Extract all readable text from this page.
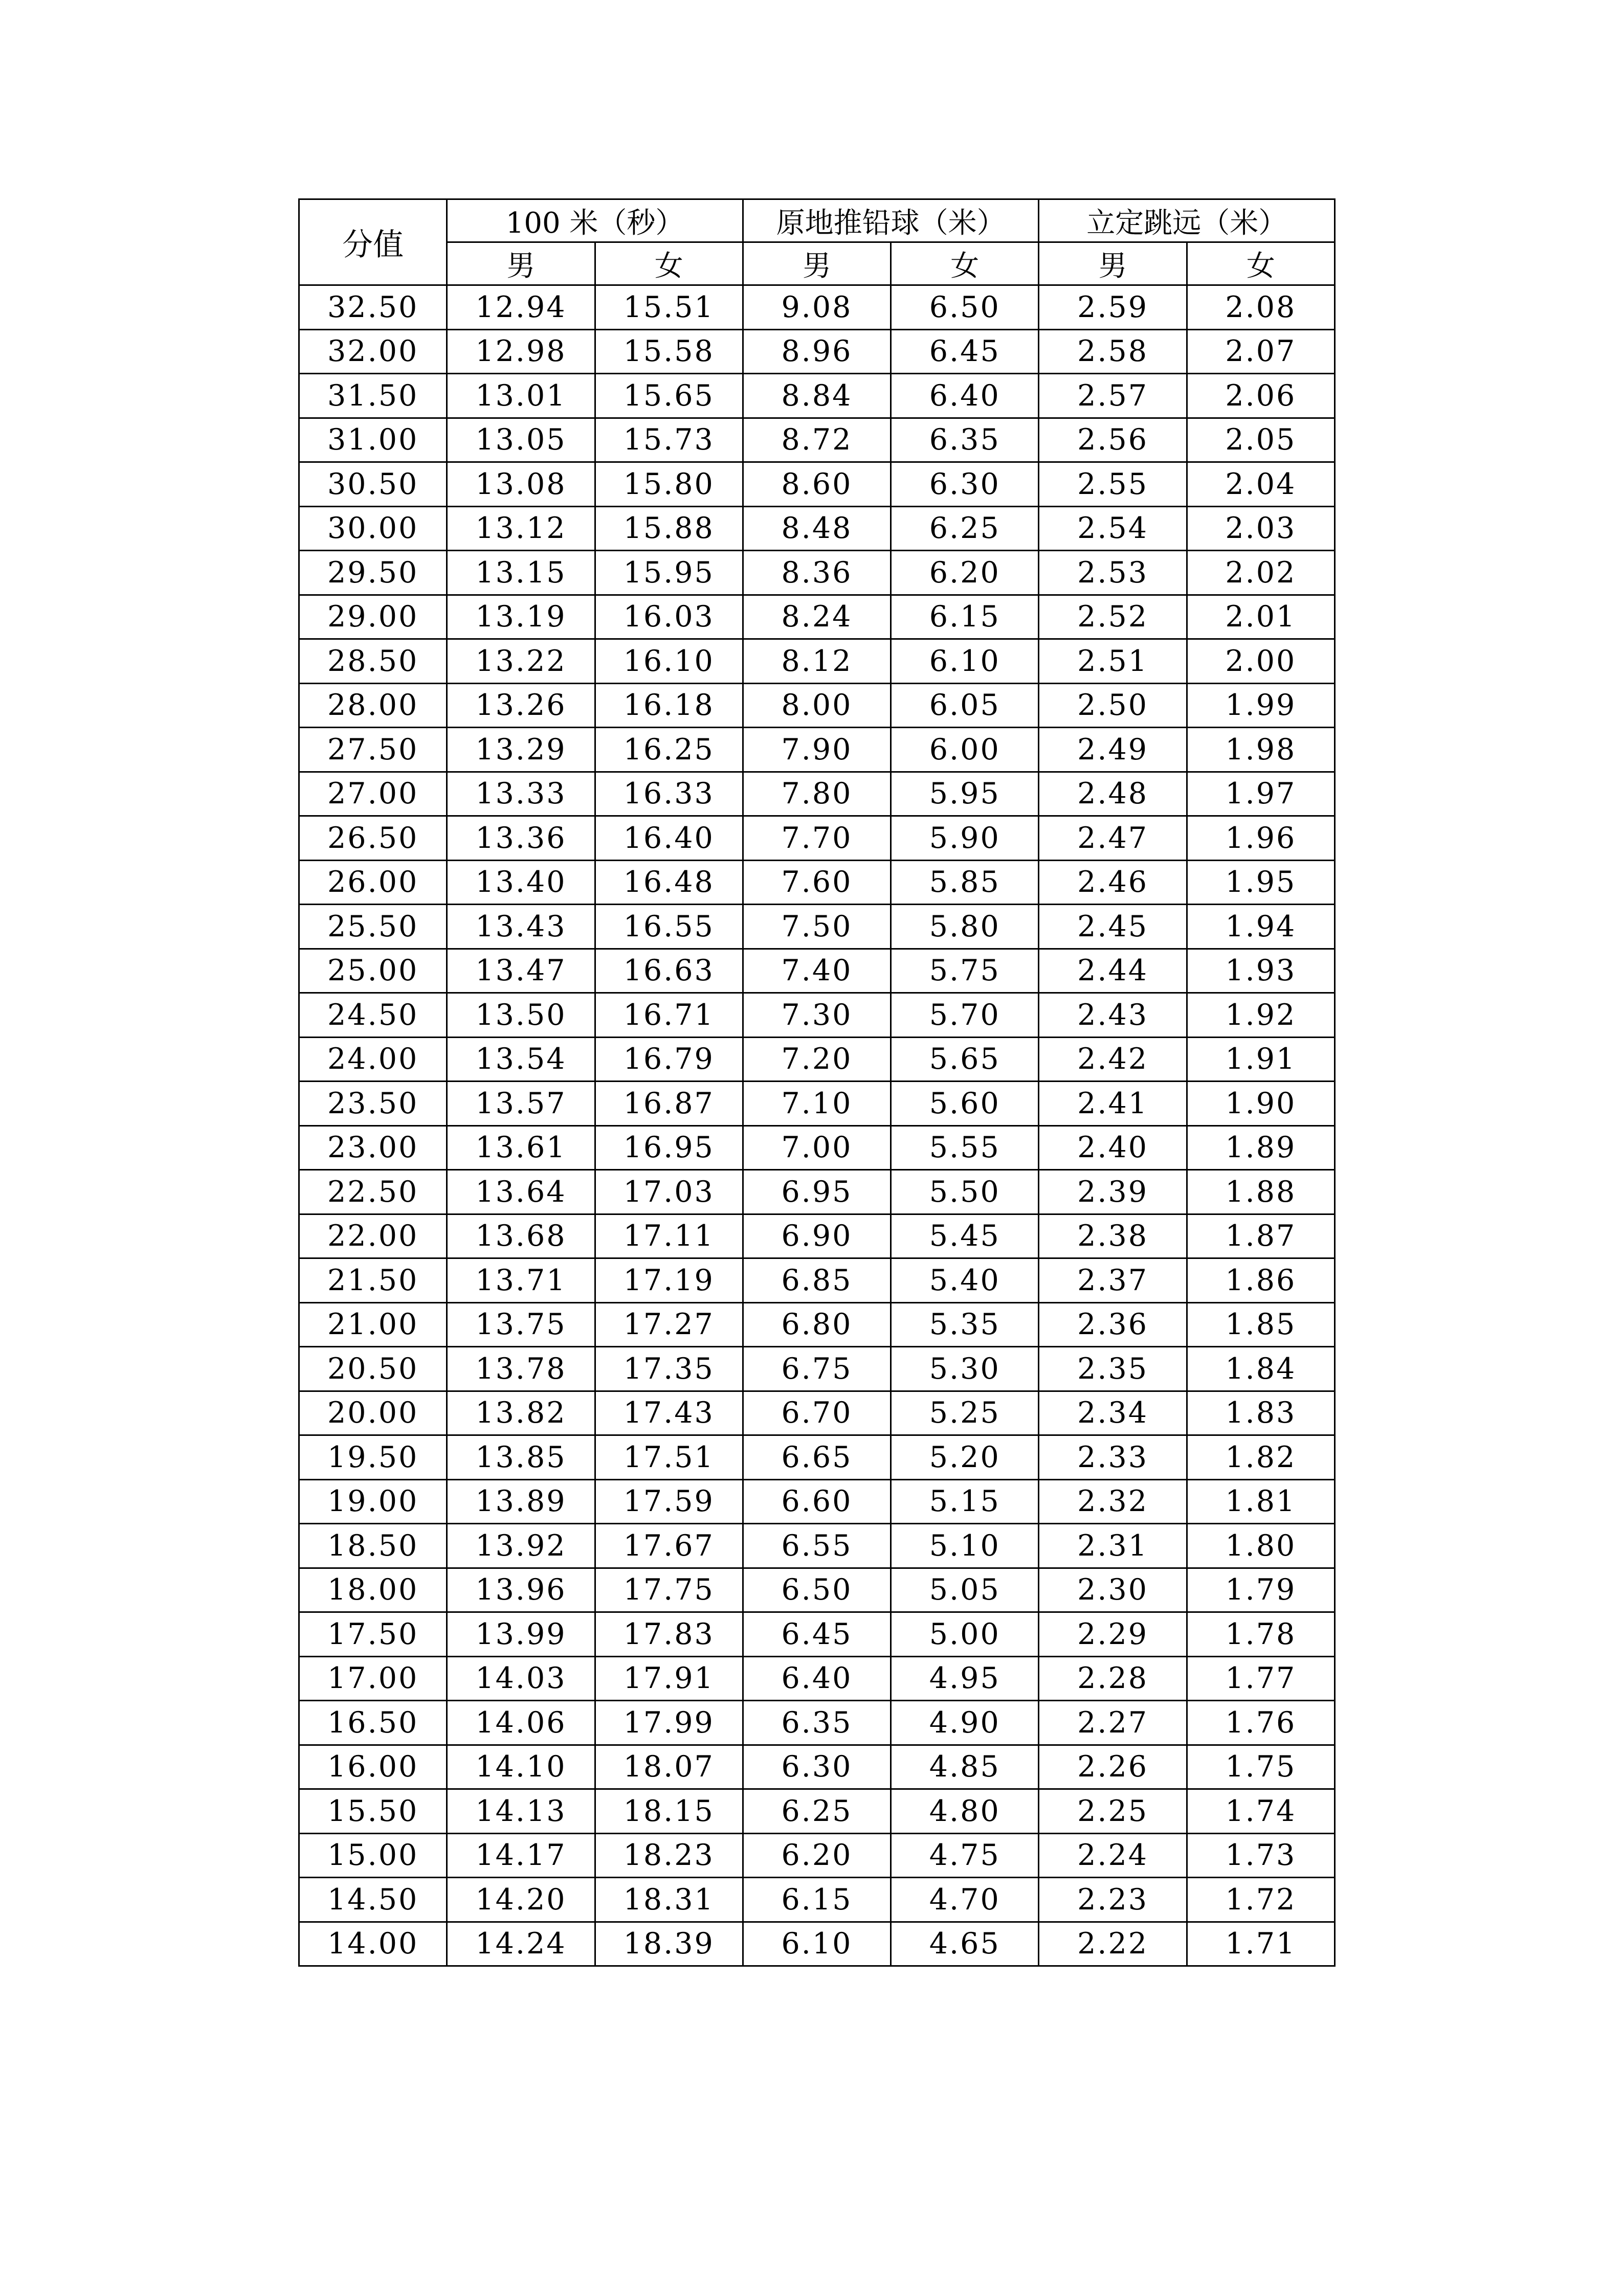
分值	100 米（秒）		原地推铅球（米）		立定跳远（米）	
	男	女	男	女	男	女
32.50	12.94	15.51	9.08	6.50	2.59	2.08
32.00	12.98	15.58	8.96	6.45	2.58	2.07
31.50	13.01	15.65	8.84	6.40	2.57	2.06
31.00	13.05	15.73	8.72	6.35	2.56	2.05
30.50	13.08	15.80	8.60	6.30	2.55	2.04
30.00	13.12	15.88	8.48	6.25	2.54	2.03
29.50	13.15	15.95	8.36	6.20	2.53	2.02
29.00	13.19	16.03	8.24	6.15	2.52	2.01
28.50	13.22	16.10	8.12	6.10	2.51	2.00
28.00	13.26	16.18	8.00	6.05	2.50	1.99
27.50	13.29	16.25	7.90	6.00	2.49	1.98
27.00	13.33	16.33	7.80	5.95	2.48	1.97
26.50	13.36	16.40	7.70	5.90	2.47	1.96
26.00	13.40	16.48	7.60	5.85	2.46	1.95
25.50	13.43	16.55	7.50	5.80	2.45	1.94
25.00	13.47	16.63	7.40	5.75	2.44	1.93
24.50	13.50	16.71	7.30	5.70	2.43	1.92
24.00	13.54	16.79	7.20	5.65	2.42	1.91
23.50	13.57	16.87	7.10	5.60	2.41	1.90
23.00	13.61	16.95	7.00	5.55	2.40	1.89
22.50	13.64	17.03	6.95	5.50	2.39	1.88
22.00	13.68	17.11	6.90	5.45	2.38	1.87
21.50	13.71	17.19	6.85	5.40	2.37	1.86
21.00	13.75	17.27	6.80	5.35	2.36	1.85
20.50	13.78	17.35	6.75	5.30	2.35	1.84
20.00	13.82	17.43	6.70	5.25	2.34	1.83
19.50	13.85	17.51	6.65	5.20	2.33	1.82
19.00	13.89	17.59	6.60	5.15	2.32	1.81
18.50	13.92	17.67	6.55	5.10	2.31	1.80
18.00	13.96	17.75	6.50	5.05	2.30	1.79
17.50	13.99	17.83	6.45	5.00	2.29	1.78
17.00	14.03	17.91	6.40	4.95	2.28	1.77
16.50	14.06	17.99	6.35	4.90	2.27	1.76
16.00	14.10	18.07	6.30	4.85	2.26	1.75
15.50	14.13	18.15	6.25	4.80	2.25	1.74
15.00	14.17	18.23	6.20	4.75	2.24	1.73
14.50	14.20	18.31	6.15	4.70	2.23	1.72
14.00	14.24	18.39	6.10	4.65	2.22	1.71
